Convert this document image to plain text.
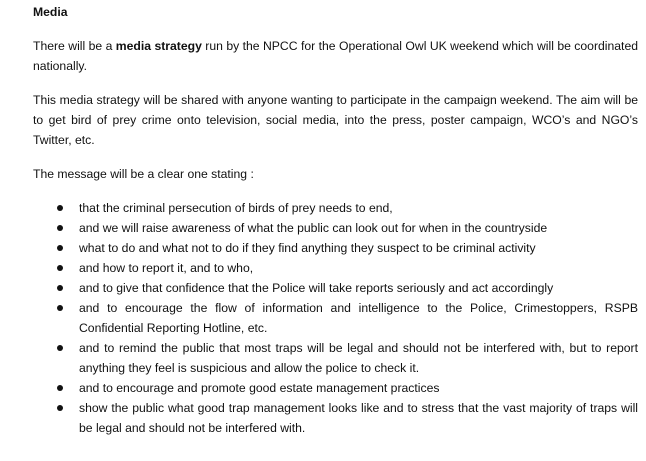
Media

There will be a media strategy run by the NPCC for the Operational Owl UK weekend which will be coordinated nationally.

This media strategy will be shared with anyone wanting to participate in the campaign weekend. The aim will be to get bird of prey crime onto television, social media, into the press, poster campaign, WCO’s and NGO’s Twitter, etc.

The message will be a clear one stating :

that the criminal persecution of birds of prey needs to end,
and we will raise awareness of what the public can look out for when in the countryside
what to do and what not to do if they find anything they suspect to be criminal activity
and how to report it, and to who,
and to give that confidence that the Police will take reports seriously and act accordingly
and to encourage the flow of information and intelligence to the Police, Crimestoppers, RSPB Confidential Reporting Hotline, etc.
and to remind the public that most traps will be legal and should not be interfered with, but to report anything they feel is suspicious and allow the police to check it.
and to encourage and promote good estate management practices
show the public what good trap management looks like and to stress that the vast majority of traps will be legal and should not be interfered with.
